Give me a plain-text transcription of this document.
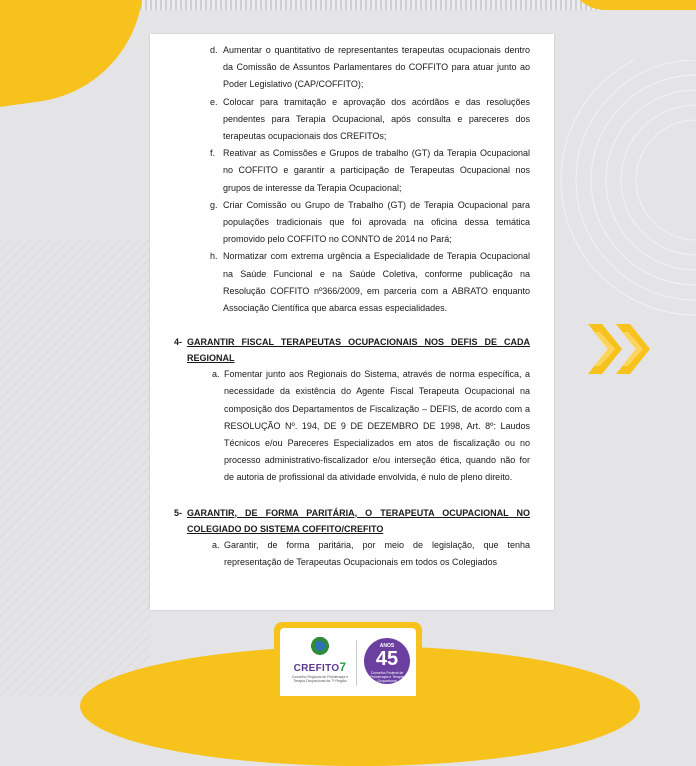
d. Aumentar o quantitativo de representantes terapeutas ocupacionais dentro da Comissão de Assuntos Parlamentares do COFFITO para atuar junto ao Poder Legislativo (CAP/COFFITO);

e. Colocar para tramitação e aprovação dos acórdãos e das resoluções pendentes para Terapia Ocupacional, após consulta e pareceres dos terapeutas ocupacionais dos CREFITOs;

f. Reativar as Comissões e Grupos de trabalho (GT) da Terapia Ocupacional no COFFITO e garantir a participação de Terapeutas Ocupacional nos grupos de interesse da Terapia Ocupacional;

g. Criar Comissão ou Grupo de Trabalho (GT) de Terapia Ocupacional para populações tradicionais que foi aprovada na oficina dessa temática promovido pelo COFFITO no CONNTO de 2014 no Pará;

h. Normatizar com extrema urgência a Especialidade de Terapia Ocupacional na Saúde Funcional e na Saúde Coletiva, conforme publicação na Resolução COFFITO nº366/2009, em parceria com a ABRATO enquanto Associação Científica que abarca essas especialidades.

4- GARANTIR FISCAL TERAPEUTAS OCUPACIONAIS NOS DEFIS DE CADA REGIONAL

a. Fomentar junto aos Regionais do Sistema, através de norma específica, a necessidade da existência do Agente Fiscal Terapeuta Ocupacional na composição dos Departamentos de Fiscalização – DEFIS, de acordo com a RESOLUÇÃO Nº. 194, DE 9 DE DEZEMBRO DE 1998, Art. 8º: Laudos Técnicos e/ou Pareceres Especializados em atos de fiscalização ou no processo administrativo-fiscalizador e/ou interseção ética, quando não for de autoria de profissional da atividade envolvida, é nulo de pleno direito.

5- GARANTIR, DE FORMA PARITÁRIA, O TERAPEUTA OCUPACIONAL NO COLEGIADO DO SISTEMA COFFITO/CREFITO

a. Garantir, de forma paritária, por meio de legislação, que tenha representação de Terapeutas Ocupacionais em todos os Colegiados

CREFITO7
Conselho Regional de Fisioterapia e Terapia Ocupacional da 7ª Região
ANOS
45
Conselho Federal de Fisioterapia e Terapia Ocupacional
